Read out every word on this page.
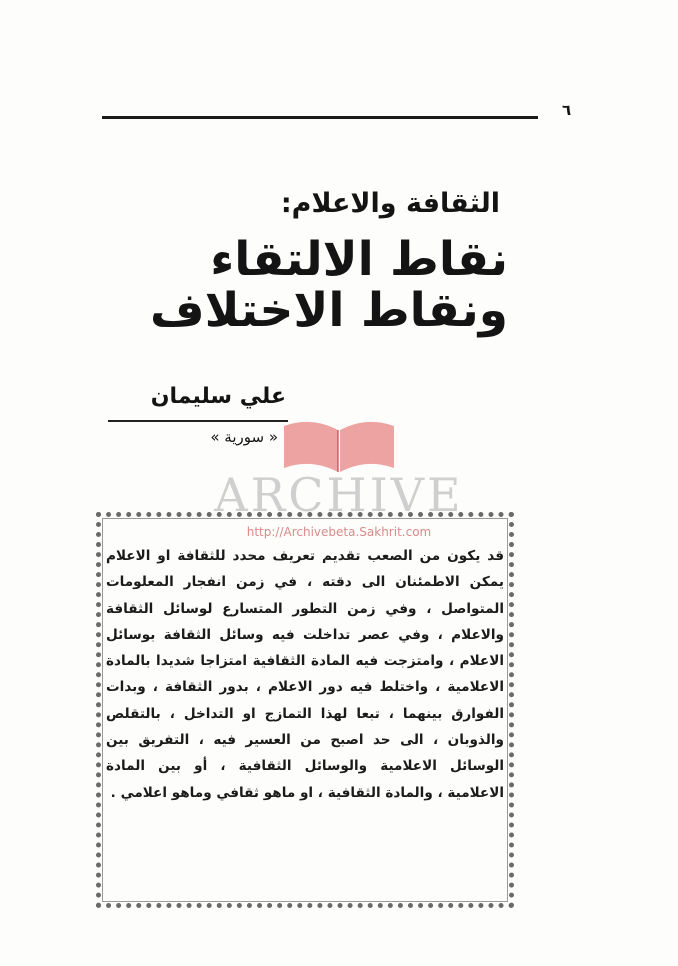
٦
الثقافة والاعلام:
نقاط الالتقاء
ونقاط الاختلاف
علي سليمان
« سورية »
ARCHIVE
http://Archivebeta.Sakhrit.com

قد يكون من الصعب تقديم تعريف محدد للثقافة او الاعلام يمكن الاطمئنان الى دقته ، في زمن انفجار المعلومات المتواصل ، وفي زمن التطور المتسارع لوسائل الثقافة والاعلام ، وفي عصر تداخلت فيه وسائل الثقافة بوسائل الاعلام ، وامتزجت فيه المادة الثقافية امتزاجا شديدا بالمادة الاعلامية ، واختلط فيه دور الاعلام ، بدور الثقافة ، وبدات الفوارق بينهما ، تبعا لهذا التمازج او التداخل ، بالتقلص والذوبان ، الى حد اصبح من العسير فيه ، التفريق بين الوسائل الاعلامية والوسائل الثقافية ، أو بين المادة الاعلامية ، والمادة الثقافية ، او ماهو ثقافي وماهو اعلامي .
